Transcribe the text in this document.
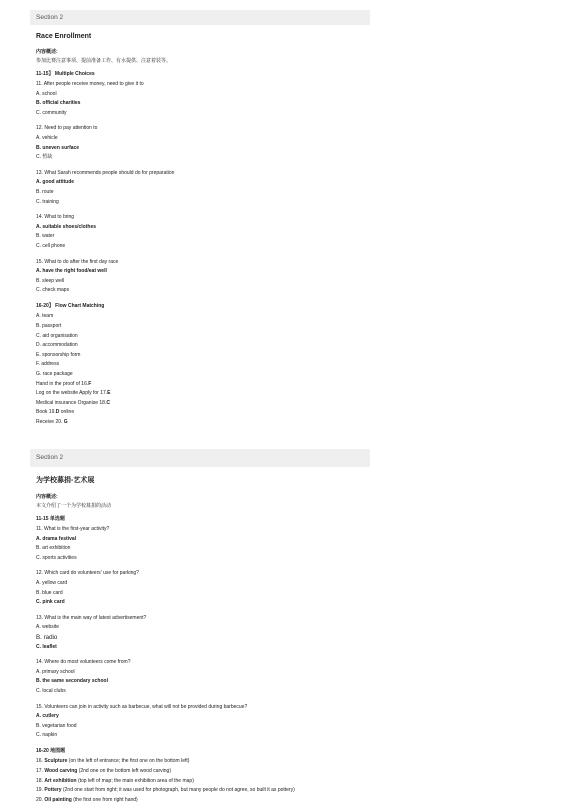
Section 2
Race Enrollment
内容概述:
参加比赛注意事项、提前准备工作、有水提供、注意着装等。
11-15】 Multiple Choices
11. After people receive money, need to give it to
A. school
B. official charities
C. community
12. Need to pay attention to
A. vehicle
B. uneven surface
C. 暂缺
13. What Sarah recommends people should do for preparation
A. good attitude
B. route
C. training
14. What to bring
A. suitable shoes/clothes
B. water
C. cell phone
15. What to do after the first day race
A. have the right food/eat well
B. sleep well
C. check maps
16-20】 Flow Chart Matching
A. team
B. passport
C. aid organisation
D. accommodation
E. sponsorship form
F. address
G. race package
Hand in the proof of 16.F
Log on the website Apply for 17.E
Medical insurance Organise 18.C
Book 19.D online
Receive 20. G
Section 2
为学校募捐-艺术展
内容概述:
本文介绍了一个为学校募捐的活动
11-15 单选题
11. What is the first-year activity?
A. drama festival
B. art exhibition
C. sports activities
12. Which card do volunteers' use for parking?
A. yellow card
B. blue card
C. pink card
13. What is the main way of latest advertisement?
A. website
B. radio
C. leaflet
14. Where do most volunteers come from?
A. primary school
B. the same secondary school
C. local clubs
15. Volunteers can join in activity such as barbecue, what will not be provided during barbecue?
A. cutlery
B. vegetarian food
C. napkin
16-20 地图题
16. Sculpture (on the left of entrance; the first one on the bottom left)
17. Wood carving (2nd one on the bottom left wood carving)
18. Art exhibition (top left of map; the main exhibition area of the map)
19. Pottery (2nd one start from right; it was used for photograph, but many people do not agree, so built it as pottery)
20. Oil painting (the first one from right hand)
